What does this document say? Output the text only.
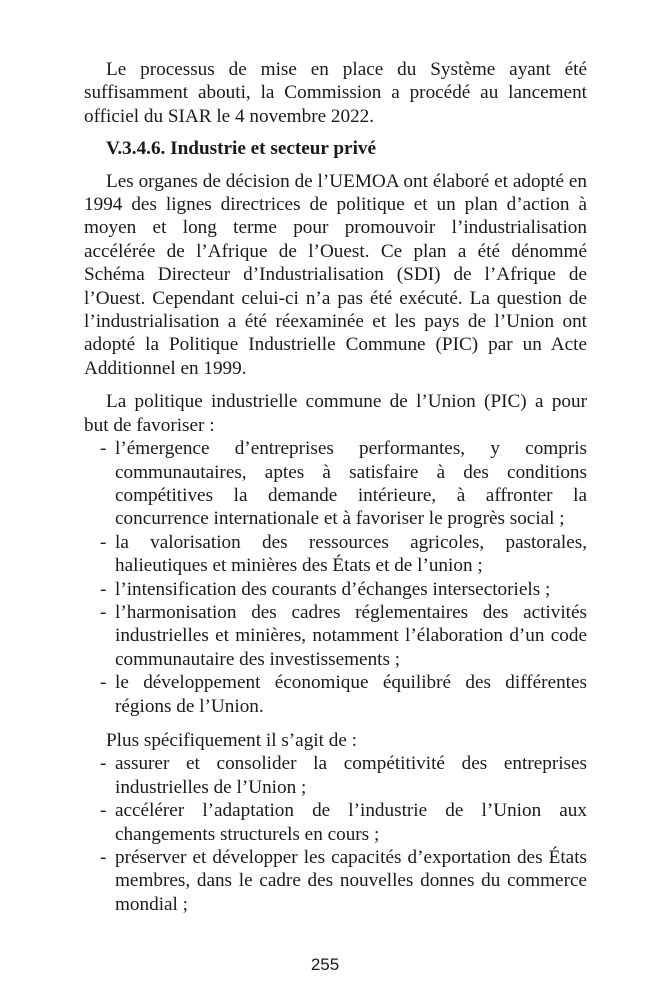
Le processus de mise en place du Système ayant été suffisamment abouti, la Commission a procédé au lancement officiel du SIAR le 4 novembre 2022.

V.3.4.6. Industrie et secteur privé

Les organes de décision de l’UEMOA ont élaboré et adopté en 1994 des lignes directrices de politique et un plan d’action à moyen et long terme pour promouvoir l’industrialisation accélérée de l’Afrique de l’Ouest. Ce plan a été dénommé Schéma Directeur d’Industrialisation (SDI) de l’Afrique de l’Ouest. Cependant celui-ci n’a pas été exécuté. La question de l’industrialisation a été réexaminée et les pays de l’Union ont adopté la Politique Industrielle Commune (PIC) par un Acte Additionnel en 1999.

La politique industrielle commune de l’Union (PIC) a pour but de favoriser :

- l’émergence d’entreprises performantes, y compris communautaires, aptes à satisfaire à des conditions compétitives la demande intérieure, à affronter la concurrence internationale et à favoriser le progrès social ;
- la valorisation des ressources agricoles, pastorales, halieutiques et minières des États et de l’union ;
- l’intensification des courants d’échanges intersectoriels ;
- l’harmonisation des cadres réglementaires des activités industrielles et minières, notamment l’élaboration d’un code communautaire des investissements ;
- le développement économique équilibré des différentes régions de l’Union.

Plus spécifiquement il s’agit de :

- assurer et consolider la compétitivité des entreprises industrielles de l’Union ;
- accélérer l’adaptation de l’industrie de l’Union aux changements structurels en cours ;
- préserver et développer les capacités d’exportation des États membres, dans le cadre des nouvelles donnes du commerce mondial ;
255
